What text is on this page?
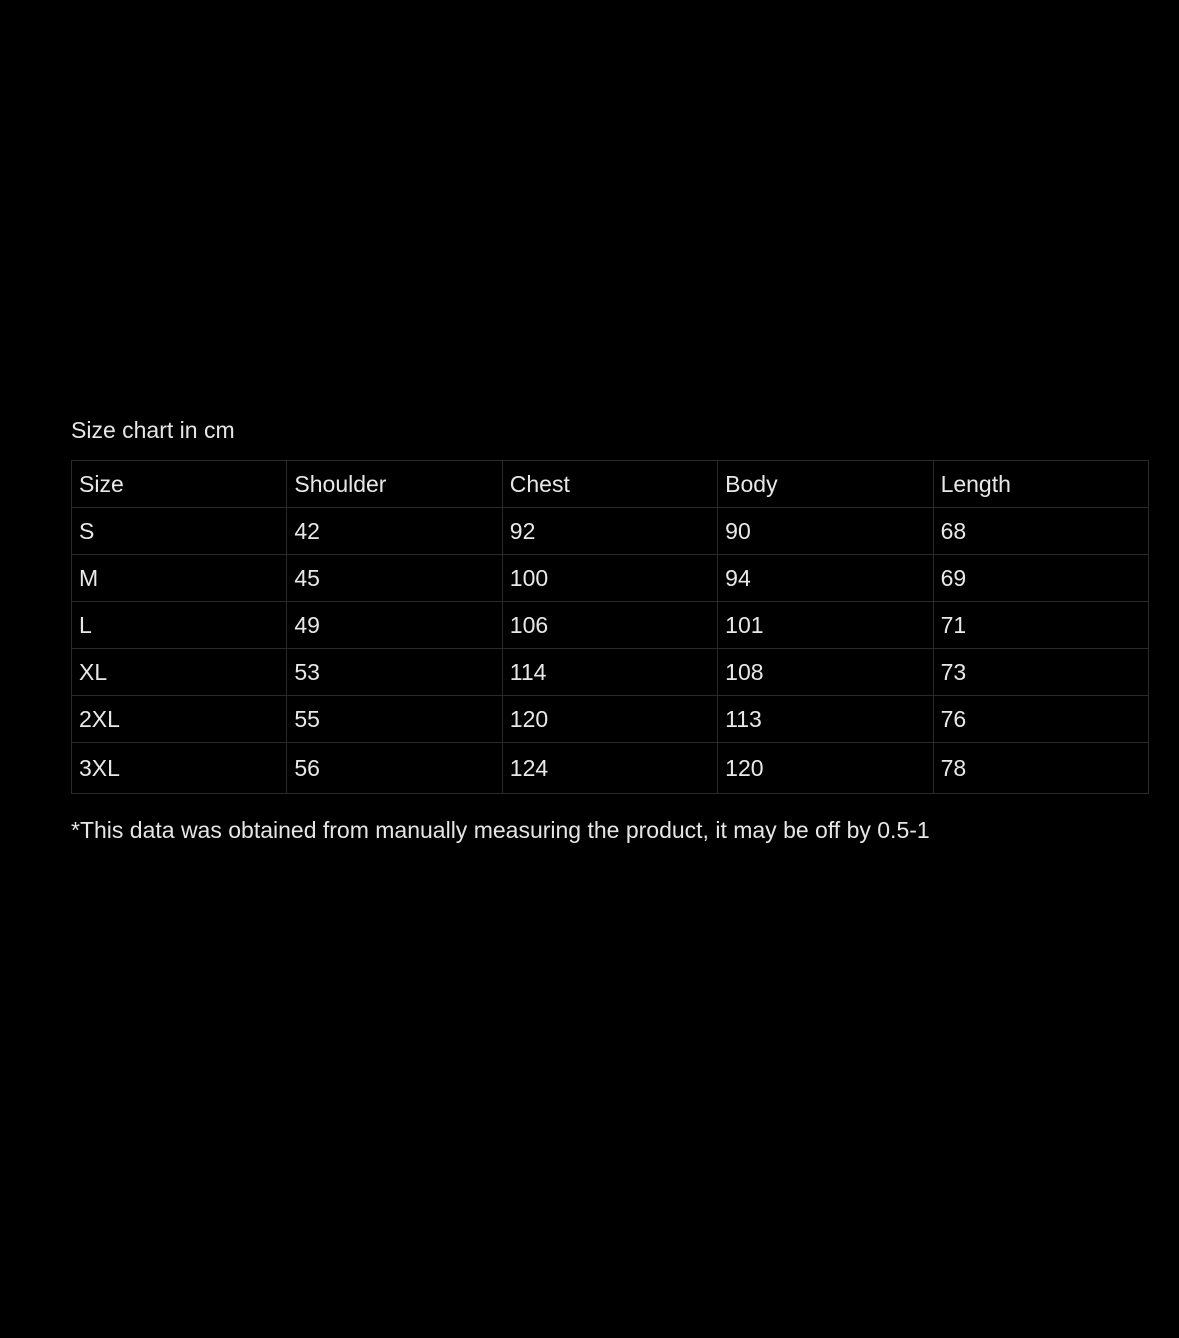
Size chart in cm
Size	Shoulder	Chest	Body	Length
S	42	92	90	68
M	45	100	94	69
L	49	106	101	71
XL	53	114	108	73
2XL	55	120	113	76
3XL	56	124	120	78
*This data was obtained from manually measuring the product, it may be off by 0.5-1
